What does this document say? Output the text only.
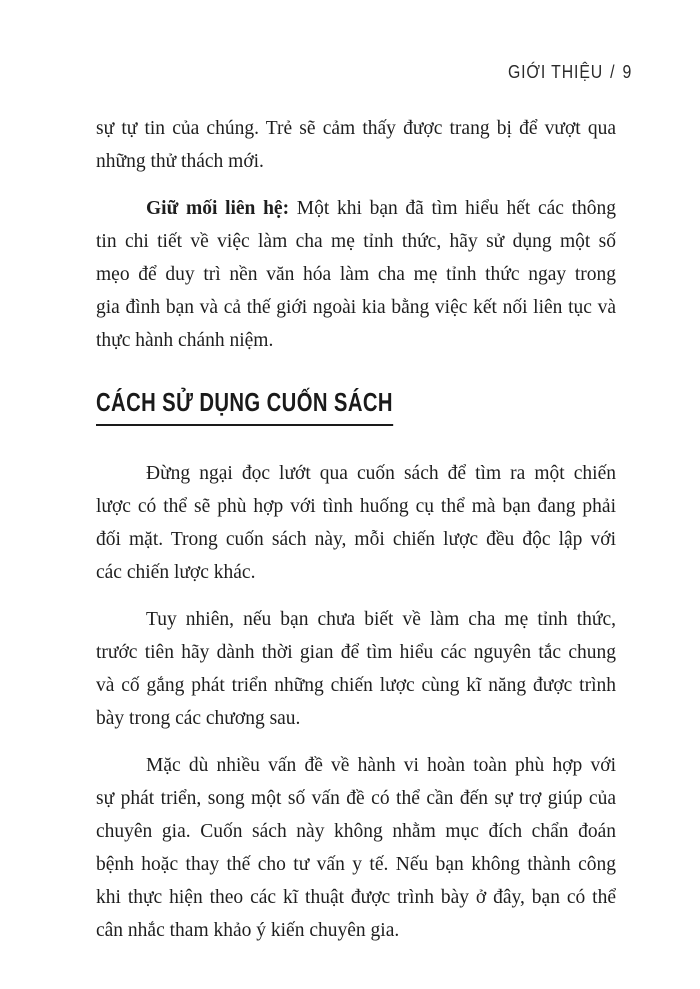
GIỚI THIỆU / 9
sự tự tin của chúng. Trẻ sẽ cảm thấy được trang bị để vượt qua
những thử thách mới.
Giữ mối liên hệ: Một khi bạn đã tìm hiểu hết các thông
tin chi tiết về việc làm cha mẹ tỉnh thức, hãy sử dụng một số
mẹo để duy trì nền văn hóa làm cha mẹ tỉnh thức ngay trong
gia đình bạn và cả thế giới ngoài kia bằng việc kết nối liên tục và
thực hành chánh niệm.
CÁCH SỬ DỤNG CUỐN SÁCH
Đừng ngại đọc lướt qua cuốn sách để tìm ra một chiến
lược có thể sẽ phù hợp với tình huống cụ thể mà bạn đang phải
đối mặt. Trong cuốn sách này, mỗi chiến lược đều độc lập với
các chiến lược khác.
Tuy nhiên, nếu bạn chưa biết về làm cha mẹ tỉnh thức,
trước tiên hãy dành thời gian để tìm hiểu các nguyên tắc chung
và cố gắng phát triển những chiến lược cùng kĩ năng được trình
bày trong các chương sau.
Mặc dù nhiều vấn đề về hành vi hoàn toàn phù hợp với
sự phát triển, song một số vấn đề có thể cần đến sự trợ giúp của
chuyên gia. Cuốn sách này không nhằm mục đích chẩn đoán
bệnh hoặc thay thế cho tư vấn y tế. Nếu bạn không thành công
khi thực hiện theo các kĩ thuật được trình bày ở đây, bạn có thể
cân nhắc tham khảo ý kiến chuyên gia.
